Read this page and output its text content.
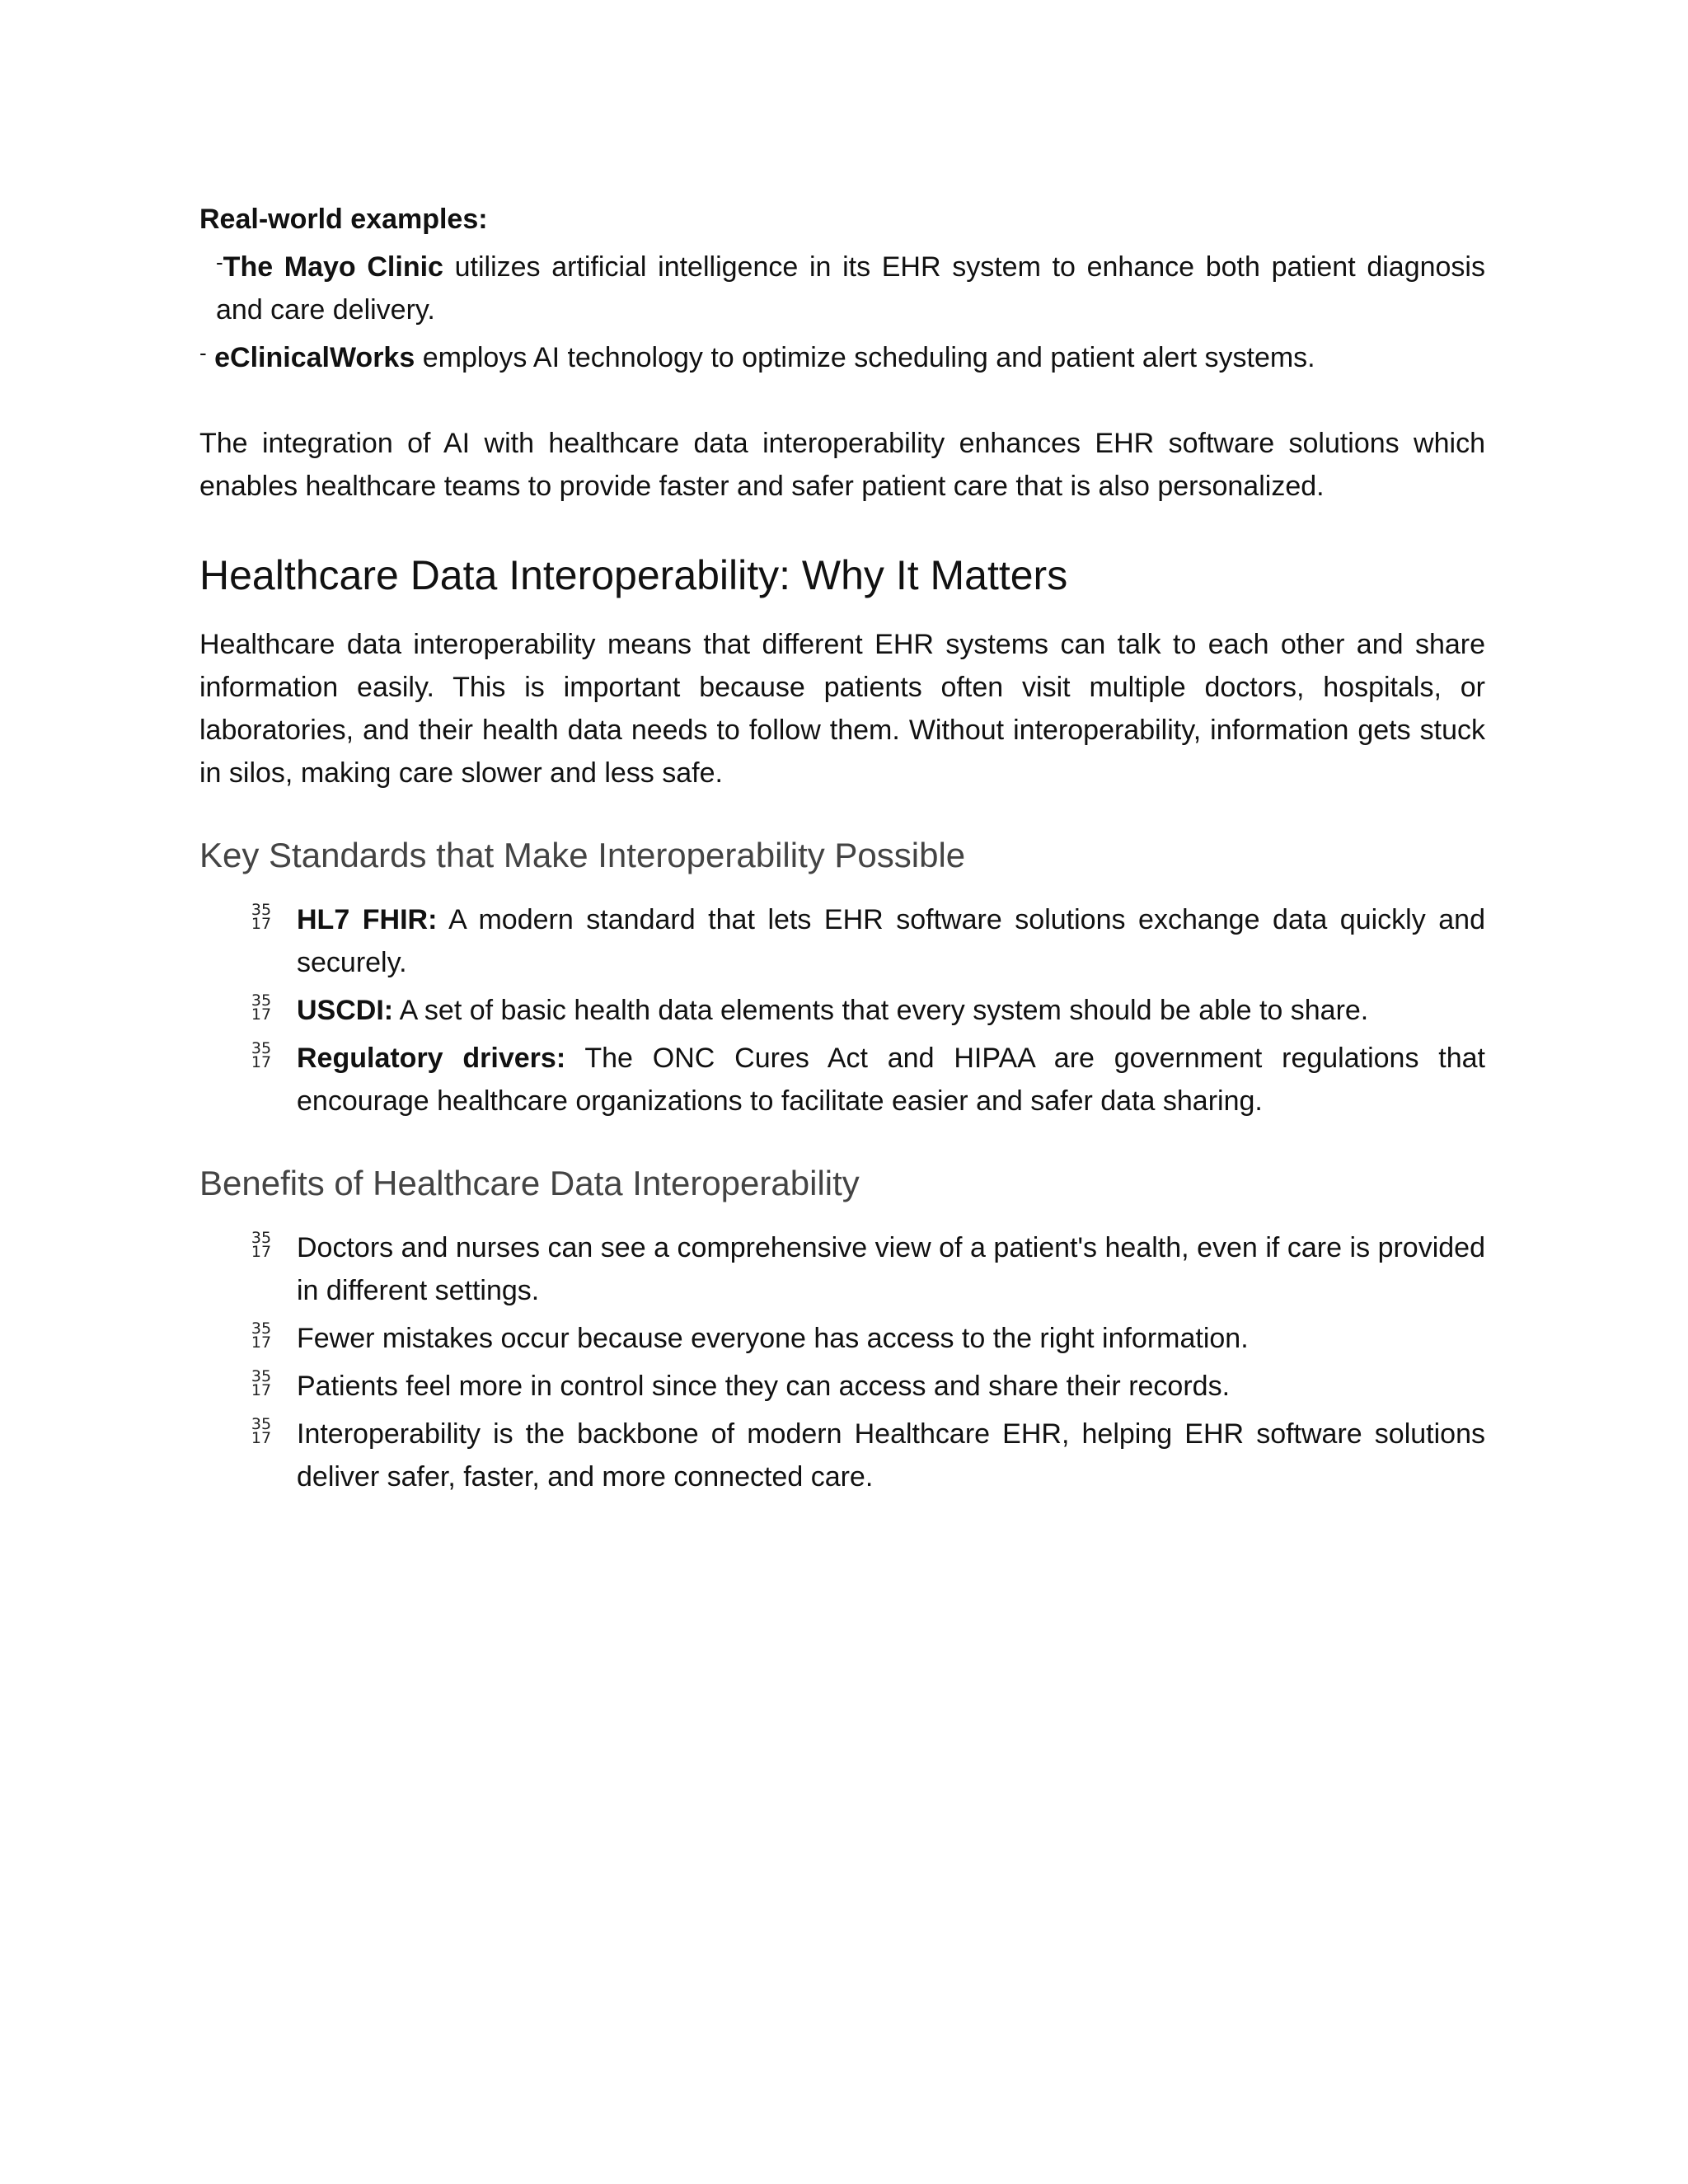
Real-world examples:

-The Mayo Clinic utilizes artificial intelligence in its EHR system to enhance both patient diagnosis and care delivery.

- eClinicalWorks employs AI technology to optimize scheduling and patient alert systems.

The integration of AI with healthcare data interoperability enhances EHR software solutions which enables healthcare teams to provide faster and safer patient care that is also personalized.

Healthcare Data Interoperability: Why It Matters

Healthcare data interoperability means that different EHR systems can talk to each other and share information easily. This is important because patients often visit multiple doctors, hospitals, or laboratories, and their health data needs to follow them. Without interoperability, information gets stuck in silos, making care slower and less safe.

Key Standards that Make Interoperability Possible
35
17 HL7 FHIR: A modern standard that lets EHR software solutions exchange data quickly and securely.
35
17 USCDI: A set of basic health data elements that every system should be able to share.
35
17 Regulatory drivers: The ONC Cures Act and HIPAA are government regulations that encourage healthcare organizations to facilitate easier and safer data sharing.
Benefits of Healthcare Data Interoperability
35
17 Doctors and nurses can see a comprehensive view of a patient's health, even if care is provided in different settings.
35
17 Fewer mistakes occur because everyone has access to the right information.
35
17 Patients feel more in control since they can access and share their records.
35
17 Interoperability is the backbone of modern Healthcare EHR, helping EHR software solutions deliver safer, faster, and more connected care.
